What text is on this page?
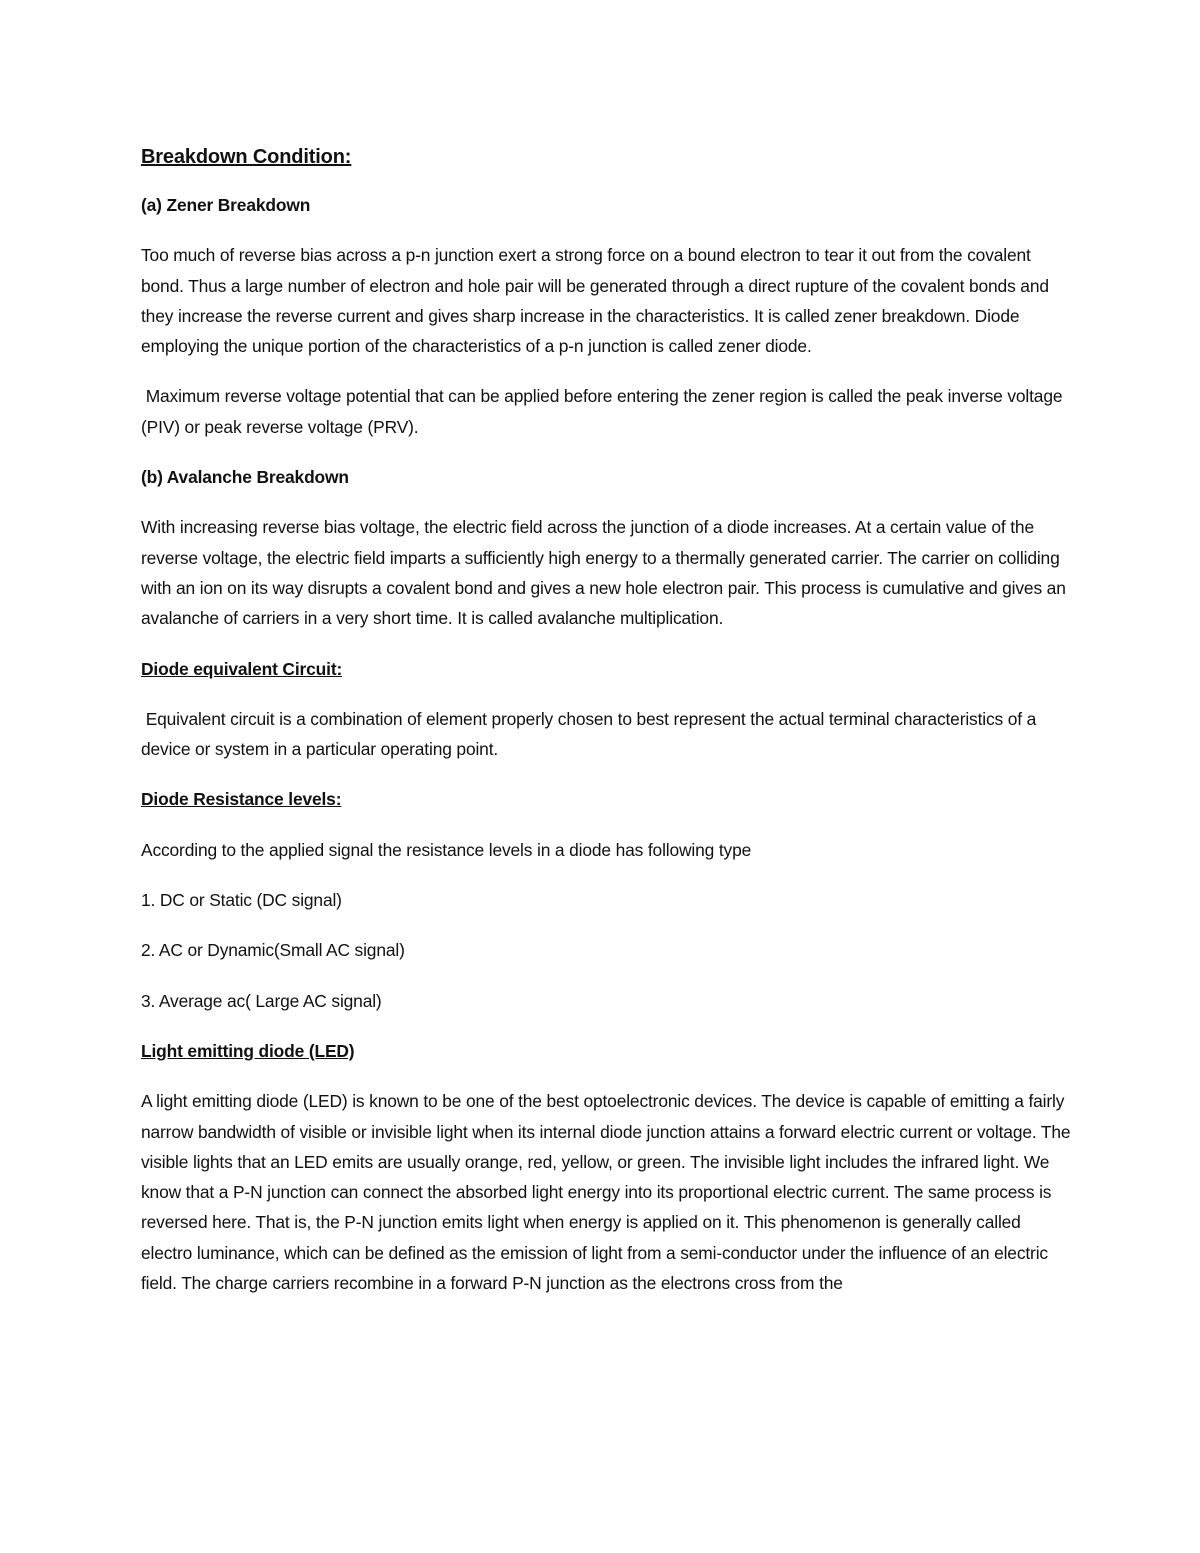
Breakdown Condition:

(a) Zener Breakdown

Too much of reverse bias across a p-n junction exert a strong force on a bound electron to tear it out from the covalent bond. Thus a large number of electron and hole pair will be generated through a direct rupture of the covalent bonds and they increase the reverse current and gives sharp increase in the characteristics. It is called zener breakdown. Diode employing the unique portion of the characteristics of a p-n junction is called zener diode.

Maximum reverse voltage potential that can be applied before entering the zener region is called the peak inverse voltage (PIV) or peak reverse voltage (PRV).

(b) Avalanche Breakdown

With increasing reverse bias voltage, the electric field across the junction of a diode increases. At a certain value of the reverse voltage, the electric field imparts a sufficiently high energy to a thermally generated carrier. The carrier on colliding with an ion on its way disrupts a covalent bond and gives a new hole electron pair. This process is cumulative and gives an avalanche of carriers in a very short time. It is called avalanche multiplication.

Diode equivalent Circuit:

Equivalent circuit is a combination of element properly chosen to best represent the actual terminal characteristics of a device or system in a particular operating point.

Diode Resistance levels:

According to the applied signal the resistance levels in a diode has following type

1. DC or Static (DC signal)

2. AC or Dynamic(Small AC signal)

3. Average ac( Large AC signal)

Light emitting diode (LED)

A light emitting diode (LED) is known to be one of the best optoelectronic devices. The device is capable of emitting a fairly narrow bandwidth of visible or invisible light when its internal diode junction attains a forward electric current or voltage. The visible lights that an LED emits are usually orange, red, yellow, or green. The invisible light includes the infrared light. We know that a P-N junction can connect the absorbed light energy into its proportional electric current. The same process is reversed here. That is, the P-N junction emits light when energy is applied on it. This phenomenon is generally called electro luminance, which can be defined as the emission of light from a semi-conductor under the influence of an electric field. The charge carriers recombine in a forward P-N junction as the electrons cross from the
